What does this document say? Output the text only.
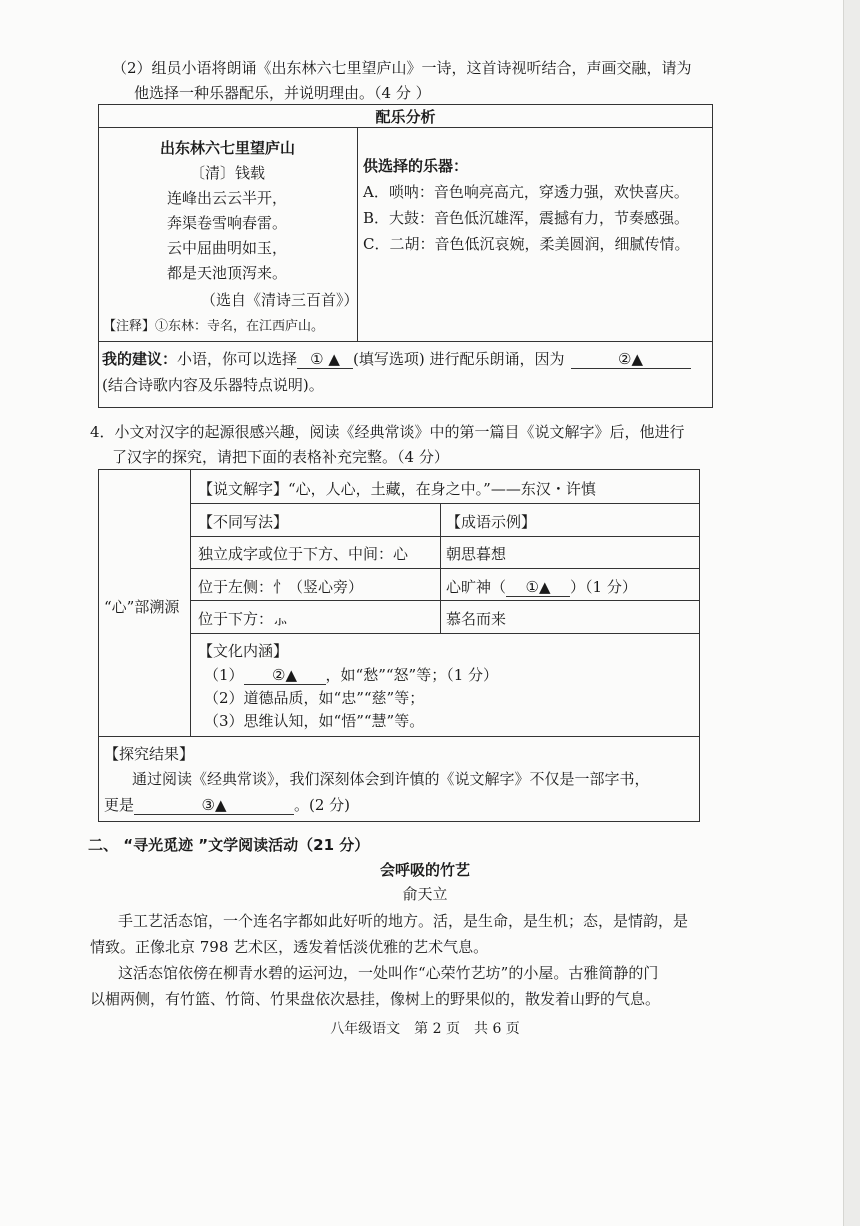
（2）组员小语将朗诵《出东林六七里望庐山》一诗，这首诗视听结合，声画交融，请为
他选择一种乐器配乐，并说明理由。（4 分 ）
配乐分析
出东林六七里望庐山
〔清〕钱载
连峰出云云半开，
奔渠卷雪响春雷。
云中屈曲明如玉，
都是天池顶泻来。
（选自《清诗三百首》）
【注释】①东林：寺名，在江西庐山。
供选择的乐器：
A．唢呐：音色响亮高亢，穿透力强，欢快喜庆。
B．大鼓：音色低沉雄浑，震撼有力，节奏感强。
C．二胡：音色低沉哀婉，柔美圆润，细腻传情。
我的建议：小语，你可以选择 ① ▲ (填写选项) 进行配乐朗诵，因为	②▲
(结合诗歌内容及乐器特点说明)。
4．小文对汉字的起源很感兴趣，阅读《经典常谈》中的第一篇目《说文解字》后，他进行
了汉字的探究，请把下面的表格补充完整。（4 分）
“心”部溯源
【说文解字】“心，人心，土藏，在身之中。”——东汉・许慎
【不同写法】	【成语示例】
独立成字或位于下方、中间：心	朝思暮想
位于左侧：忄（竖心旁）	心旷神（ ①▲ ）（1 分）
位于下方：⺗	慕名而来
【文化内涵】
（1） ②▲ ，如“愁”“怒”等；（1 分）
（2）道德品质，如“忠”“慈”等；
（3）思维认知，如“悟”“慧”等。
【探究结果】
通过阅读《经典常谈》，我们深刻体会到许慎的《说文解字》不仅是一部字书，
更是	③▲	。(2 分)
二、 “寻光觅迹 ”文学阅读活动（21 分）
会呼吸的竹艺
俞天立
手工艺活态馆，一个连名字都如此好听的地方。活，是生命，是生机；态，是情韵，是
情致。正像北京 798 艺术区，透发着恬淡优雅的艺术气息。
这活态馆依傍在柳青水碧的运河边，一处叫作“心荣竹艺坊”的小屋。古雅简静的门
以楣两侧，有竹篮、竹筒、竹果盘依次悬挂，像树上的野果似的，散发着山野的气息。
八年级语文　第 2 页　共 6 页
